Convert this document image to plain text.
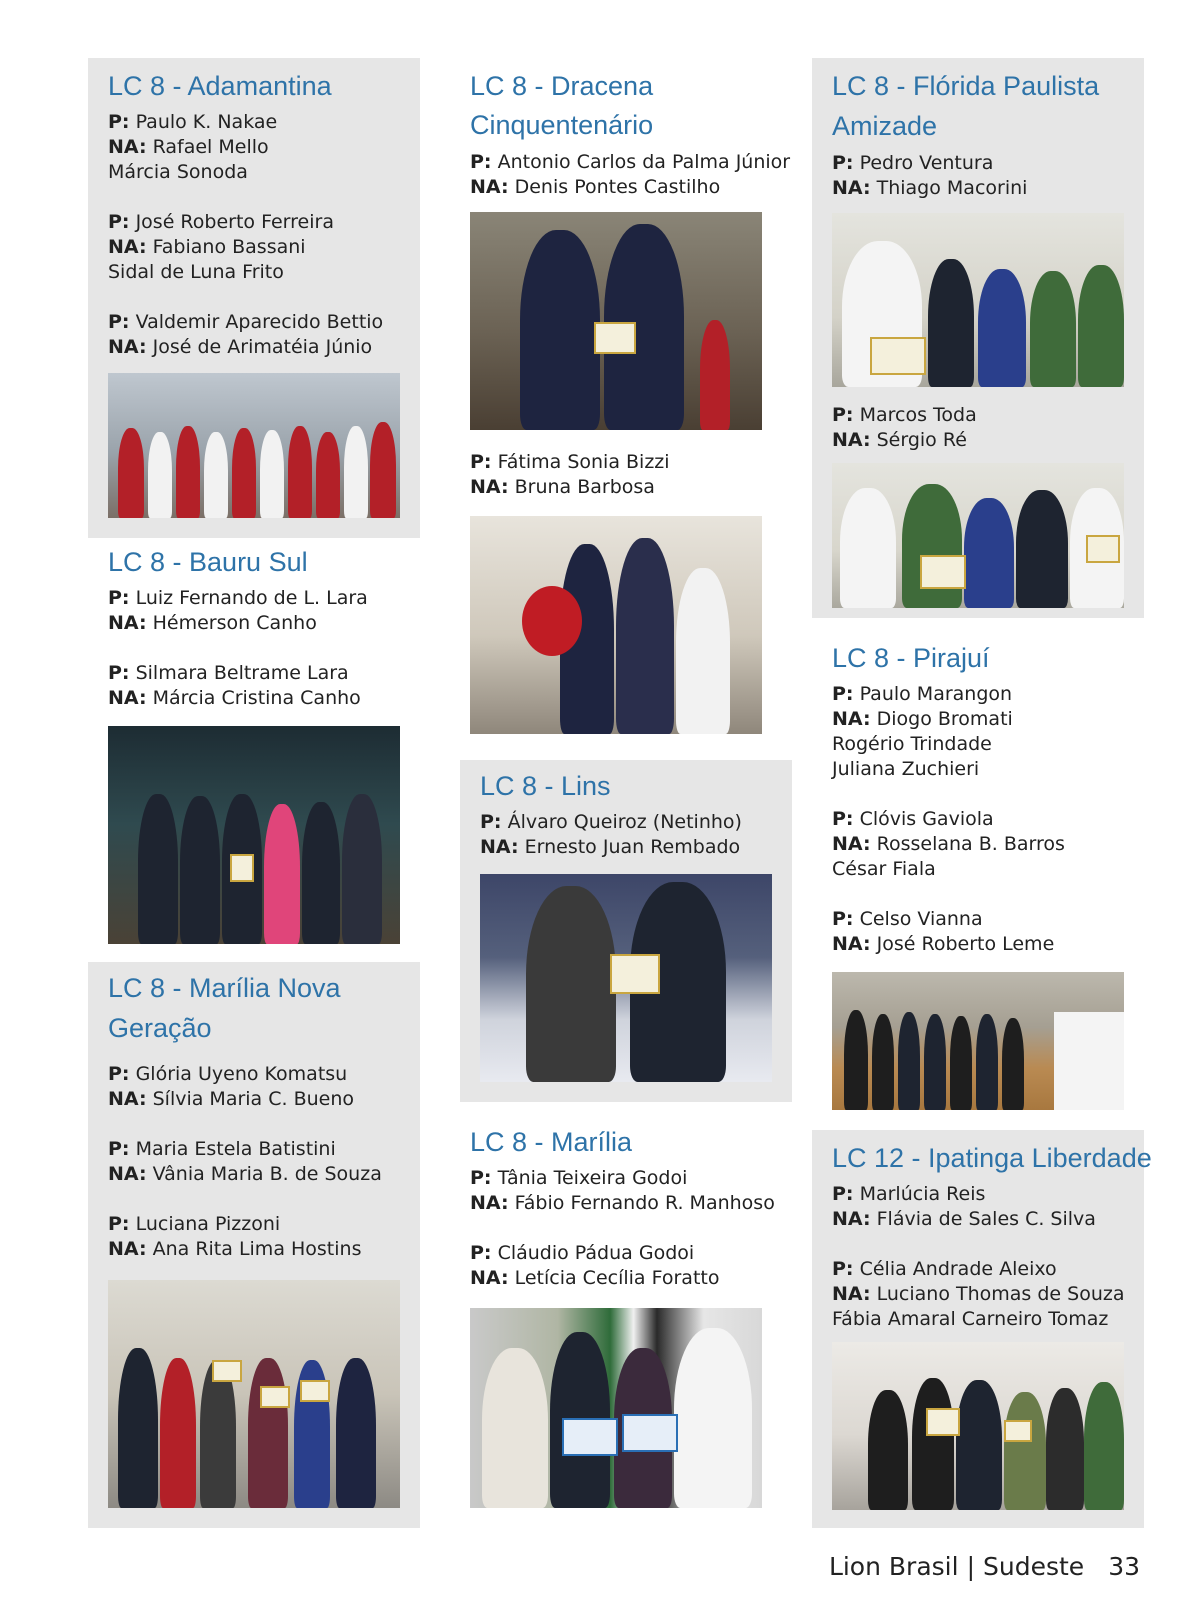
LC 8 - Adamantina
P: Paulo K. Nakae
NA: Rafael Mello
Márcia Sonoda
P: José Roberto Ferreira
NA: Fabiano Bassani
Sidal de Luna Frito
P: Valdemir Aparecido Bettio
NA: José de Arimatéia Júnio
LC 8 - Bauru Sul
P: Luiz Fernando de L. Lara
NA: Hémerson Canho
P: Silmara Beltrame Lara
NA: Márcia Cristina Canho
LC 8 - Marília Nova
Geração
P: Glória Uyeno Komatsu
NA: Sílvia Maria C. Bueno
P: Maria Estela Batistini
NA: Vânia Maria B. de Souza
P: Luciana Pizzoni
NA: Ana Rita Lima Hostins
LC 8 - Dracena
Cinquentenário
P: Antonio Carlos da Palma Júnior
NA: Denis Pontes Castilho
P: Fátima Sonia Bizzi
NA: Bruna Barbosa
LC 8 - Lins
P: Álvaro Queiroz (Netinho)
NA: Ernesto Juan Rembado
LC 8 - Marília
P: Tânia Teixeira Godoi
NA: Fábio Fernando R. Manhoso
P: Cláudio Pádua Godoi
NA: Letícia Cecília Foratto
LC 8 - Flórida Paulista
Amizade
P: Pedro Ventura
NA: Thiago Macorini
P: Marcos Toda
NA: Sérgio Ré
LC 8 - Pirajuí
P: Paulo Marangon
NA: Diogo Bromati
Rogério Trindade
Juliana Zuchieri
P: Clóvis Gaviola
NA: Rosselana B. Barros
César Fiala
P: Celso Vianna
NA: José Roberto Leme
LC 12 - Ipatinga Liberdade
P: Marlúcia Reis
NA: Flávia de Sales C. Silva
P: Célia Andrade Aleixo
NA: Luciano Thomas de Souza
Fábia Amaral Carneiro Tomaz
Lion Brasil | Sudeste 33
